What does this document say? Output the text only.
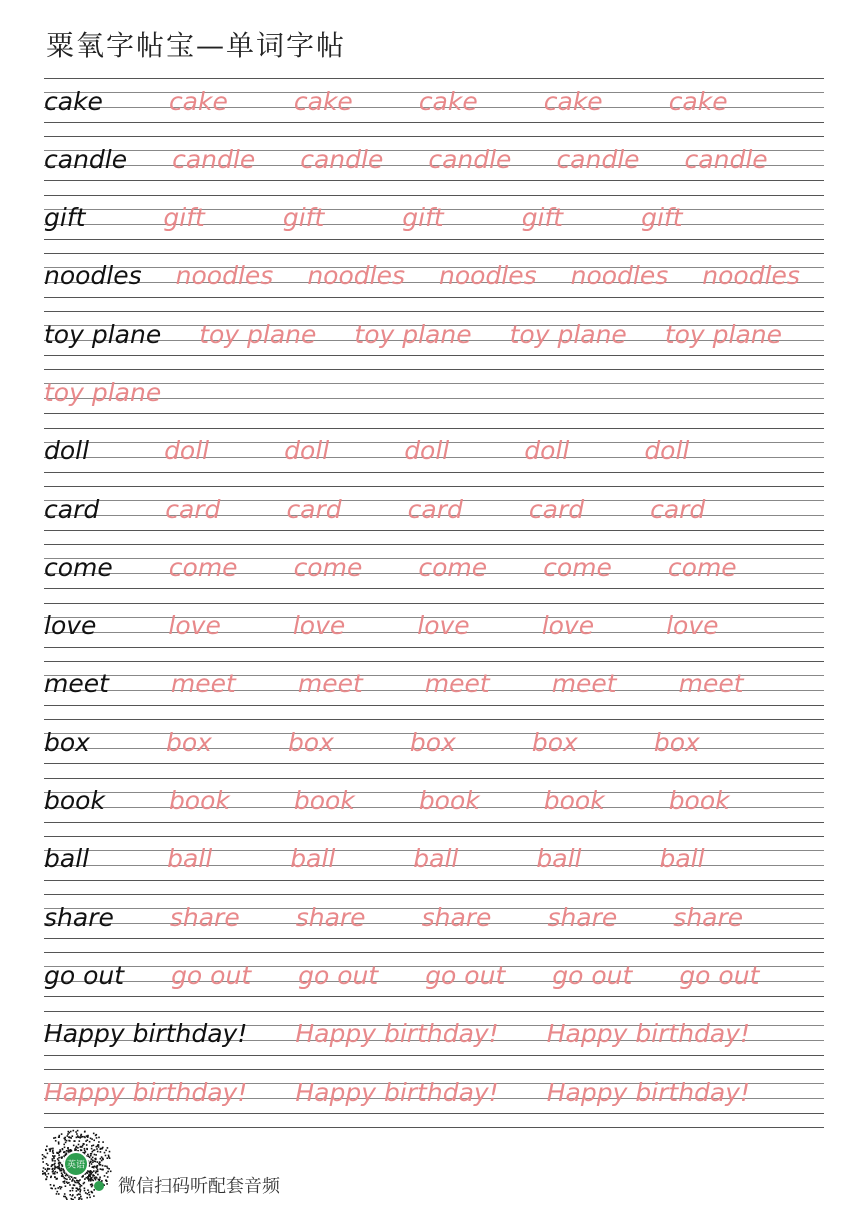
粟氧字帖宝—单词字帖
cake	cake	cake	cake	cake	cake
candle candle candle candle candle candle
gift	gift	gift	gift	gift	gift
noodles noodles noodles noodles noodles noodles
toy plane toy plane toy plane toy plane toy plane
toy plane
doll	doll	doll	doll	doll	doll
card	card	card	card	card	card
come come come come come come
love	love	love	love	love	love
meet meet meet meet meet meet
box	box	box	box	box	box
book	book	book	book	book	book
ball	ball	ball	ball	ball	ball
share share share share share share
go out go out go out go out go out go out
Happy birthday! Happy birthday! Happy birthday!
Happy birthday! Happy birthday! Happy birthday!
英语
微信扫码听配套音频
